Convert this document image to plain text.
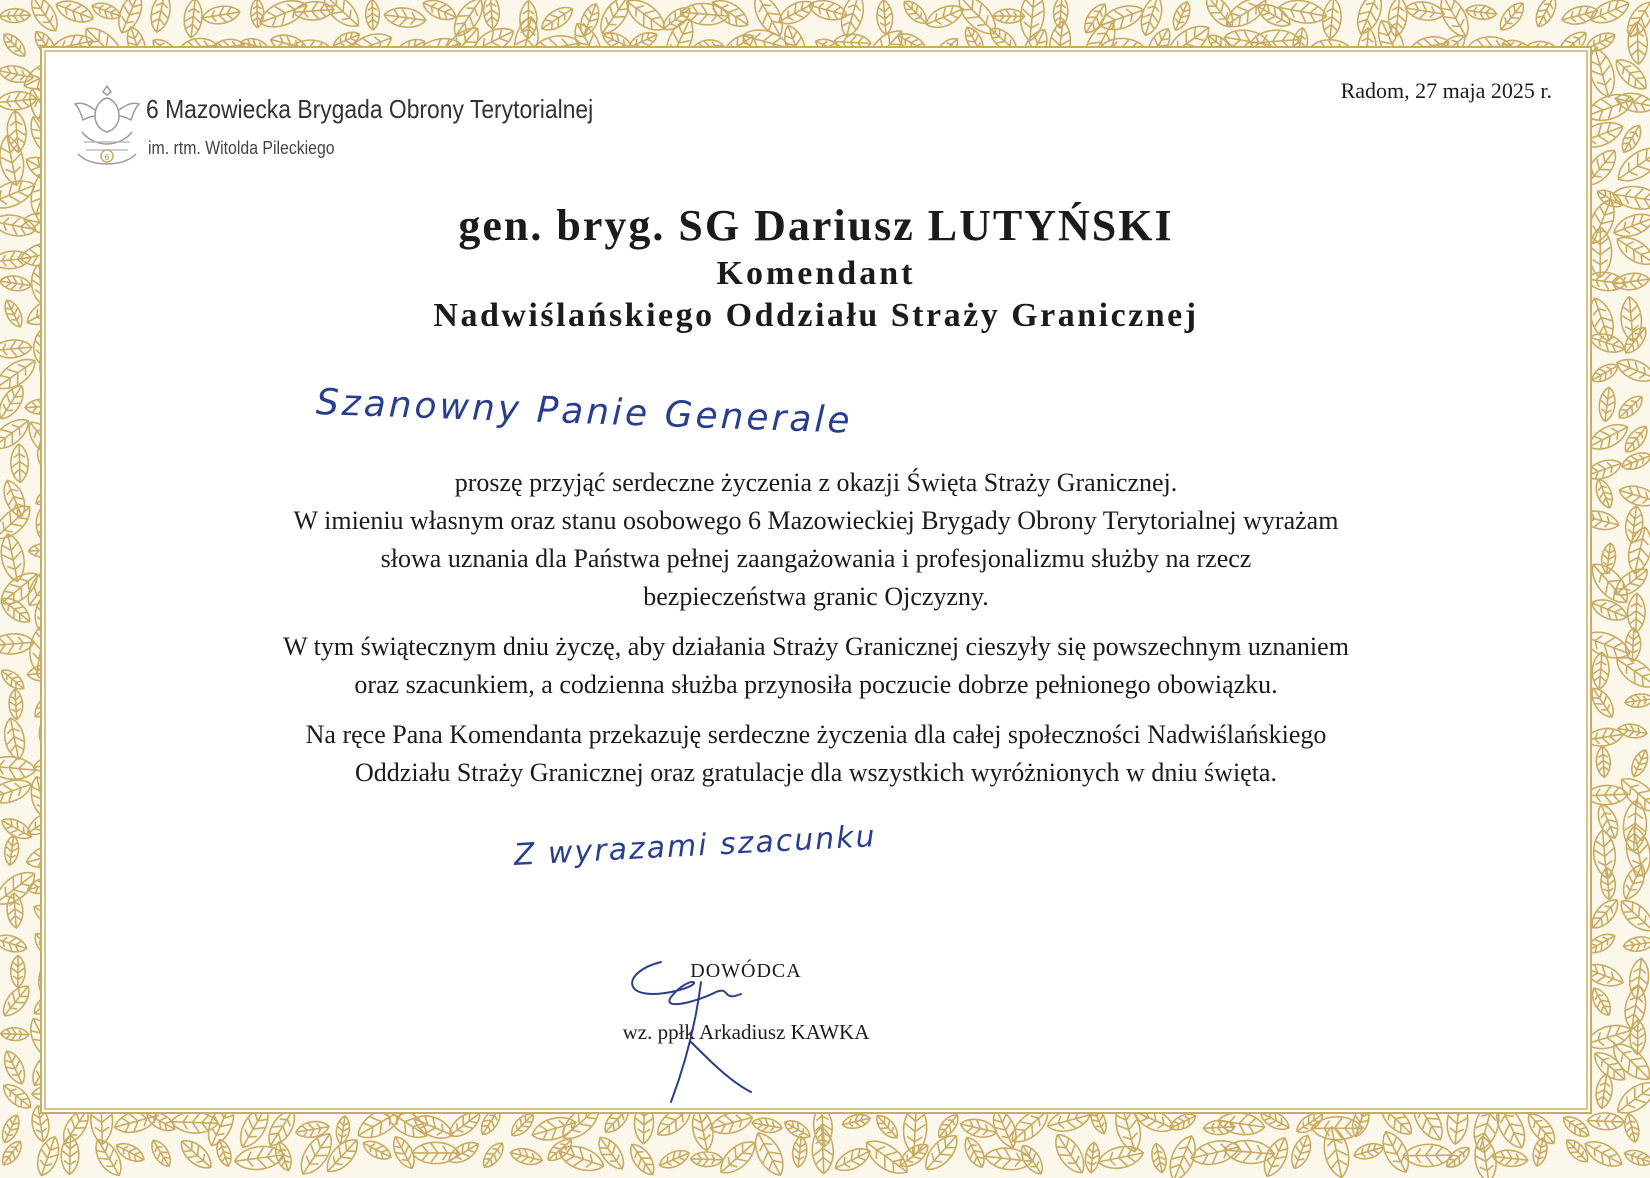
6
6 Mazowiecka Brygada Obrony Terytorialnej
im. rtm. Witolda Pileckiego
Radom, 27 maja 2025 r.
gen. bryg. SG Dariusz LUTYŃSKI
Komendant
Nadwiślańskiego Oddziału Straży Granicznej
Szanowny Panie Generale

proszę przyjąć serdeczne życzenia z okazji Święta Straży Granicznej.
W imieniu własnym oraz stanu osobowego 6 Mazowieckiej Brygady Obrony Terytorialnej wyrażam
słowa uznania dla Państwa pełnej zaangażowania i profesjonalizmu służby na rzecz
bezpieczeństwa granic Ojczyzny.

W tym świątecznym dniu życzę, aby działania Straży Granicznej cieszyły się powszechnym uznaniem
oraz szacunkiem, a codzienna służba przynosiła poczucie dobrze pełnionego obowiązku.

Na ręce Pana Komendanta przekazuję serdeczne życzenia dla całej społeczności Nadwiślańskiego
Oddziału Straży Granicznej oraz gratulacje dla wszystkich wyróżnionych w dniu święta.

Z wyrazami szacunku
DOWÓDCA
wz. ppłk Arkadiusz KAWKA
